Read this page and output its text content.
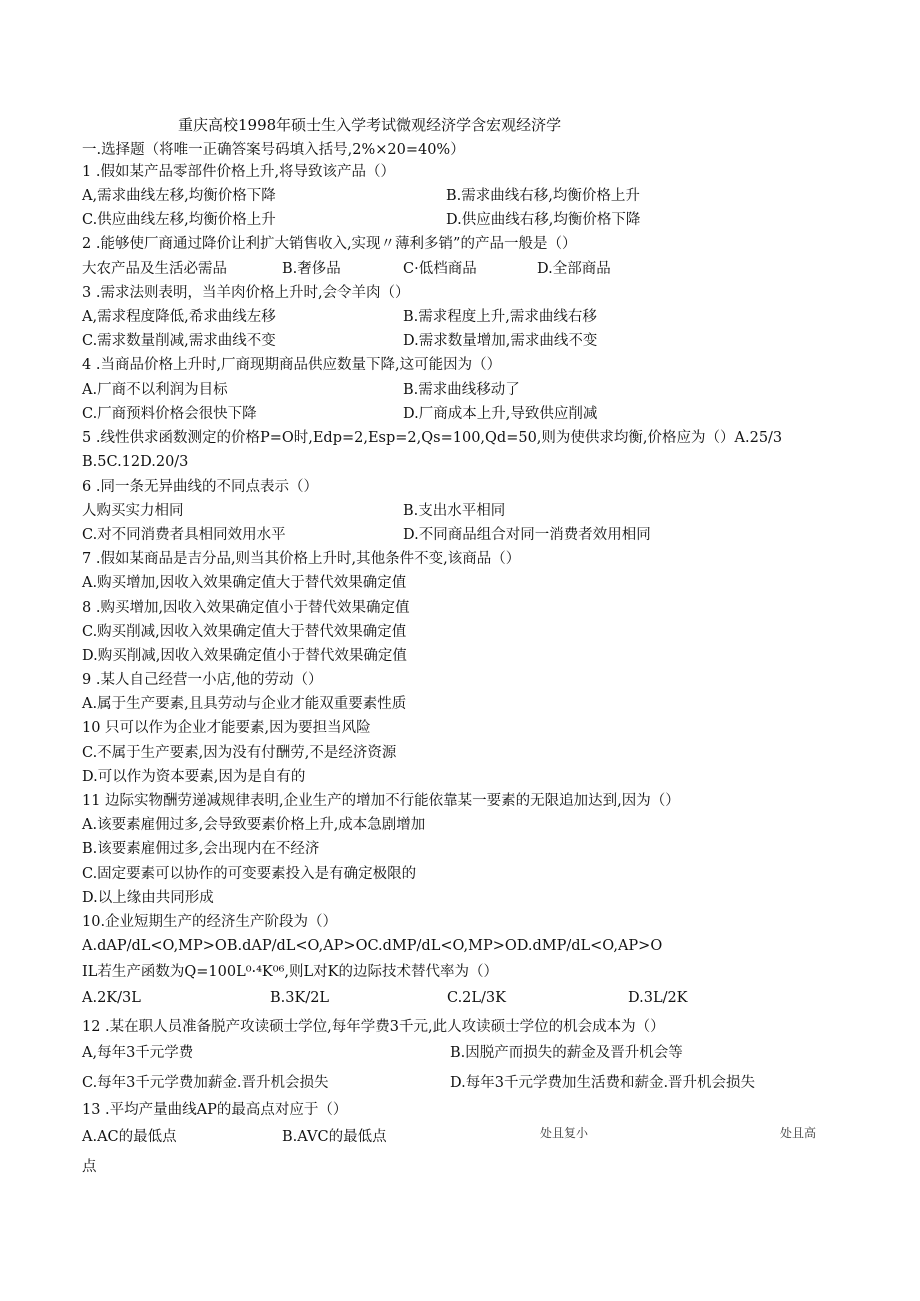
重庆高校1998年硕士生入学考试微观经济学含宏观经济学
一.选择题（将唯一正确答案号码填入括号,2%×20=40%）
1 .假如某产品零部件价格上升,将导致该产品（）
A,需求曲线左移,均衡价格下降	B.需求曲线右移,均衡价格上升
C.供应曲线左移,均衡价格上升	D.供应曲线右移,均衡价格下降
2 .能够使厂商通过降价让利扩大销售收入,实现〃薄利多销”的产品一般是（）
大农产品及生活必需品	B.奢侈品	C·低档商品	D.全部商品
3 .需求法则表明，当羊肉价格上升时,会令羊肉（）
A,需求程度降低,希求曲线左移	B.需求程度上升,需求曲线右移
C.需求数量削减,需求曲线不变	D.需求数量增加,需求曲线不变
4 .当商品价格上升时,厂商现期商品供应数量下降,这可能因为（）
A.厂商不以利润为目标	B.需求曲线移动了
C.厂商预料价格会很快下降	D.厂商成本上升,导致供应削减
5 .线性供求函数测定的价格P=O时,Edp=2,Esp=2,Qs=100,Qd=50,则为使供求均衡,价格应为（）A.25/3
B.5C.12D.20/3
6 .同一条无异曲线的不同点表示（）
人购买实力相同	B.支出水平相同
C.对不同消费者具相同效用水平	D.不同商品组合对同一消费者效用相同
7 .假如某商品是吉分品,则当其价格上升时,其他条件不变,该商品（）
A.购买增加,因收入效果确定值大于替代效果确定值
8 .购买增加,因收入效果确定值小于替代效果确定值
C.购买削减,因收入效果确定值大于替代效果确定值
D.购买削减,因收入效果确定值小于替代效果确定值
9 .某人自己经营一小店,他的劳动（）
A.属于生产要素,且具劳动与企业才能双重要素性质
10 只可以作为企业才能要素,因为要担当风险
C.不属于生产要素,因为没有付酬劳,不是经济资源
D.可以作为资本要素,因为是自有的
11 边际实物酬劳递减规律表明,企业生产的增加不行能依靠某一要素的无限追加达到,因为（）
A.该要素雇佣过多,会导致要素价格上升,成本急剧增加
B.该要素雇佣过多,会出现内在不经济
C.固定要素可以协作的可变要素投入是有确定极限的
D.以上缘由共同形成
10.企业短期生产的经济生产阶段为（）
A.dAP/dL<O,MP>OB.dAP/dL<O,AP>OC.dMP/dL<O,MP>OD.dMP/dL<O,AP>O
IL若生产函数为Q=100L⁰·⁴K⁰⁶,则L对K的边际技术替代率为（）
A.2K/3L	B.3K/2L	C.2L/3K	D.3L/2K
12 .某在职人员准备脱产攻读硕士学位,每年学费3千元,此人攻读硕士学位的机会成本为（）
A,每年3千元学费	B.因脱产而损失的薪金及晋升机会等
C.每年3千元学费加薪金.晋升机会损失	D.每年3千元学费加生活费和薪金.晋升机会损失
13 .平均产量曲线AP的最高点对应于（）
A.AC的最低点	B.AVC的最低点
点
处且复小	处且高
